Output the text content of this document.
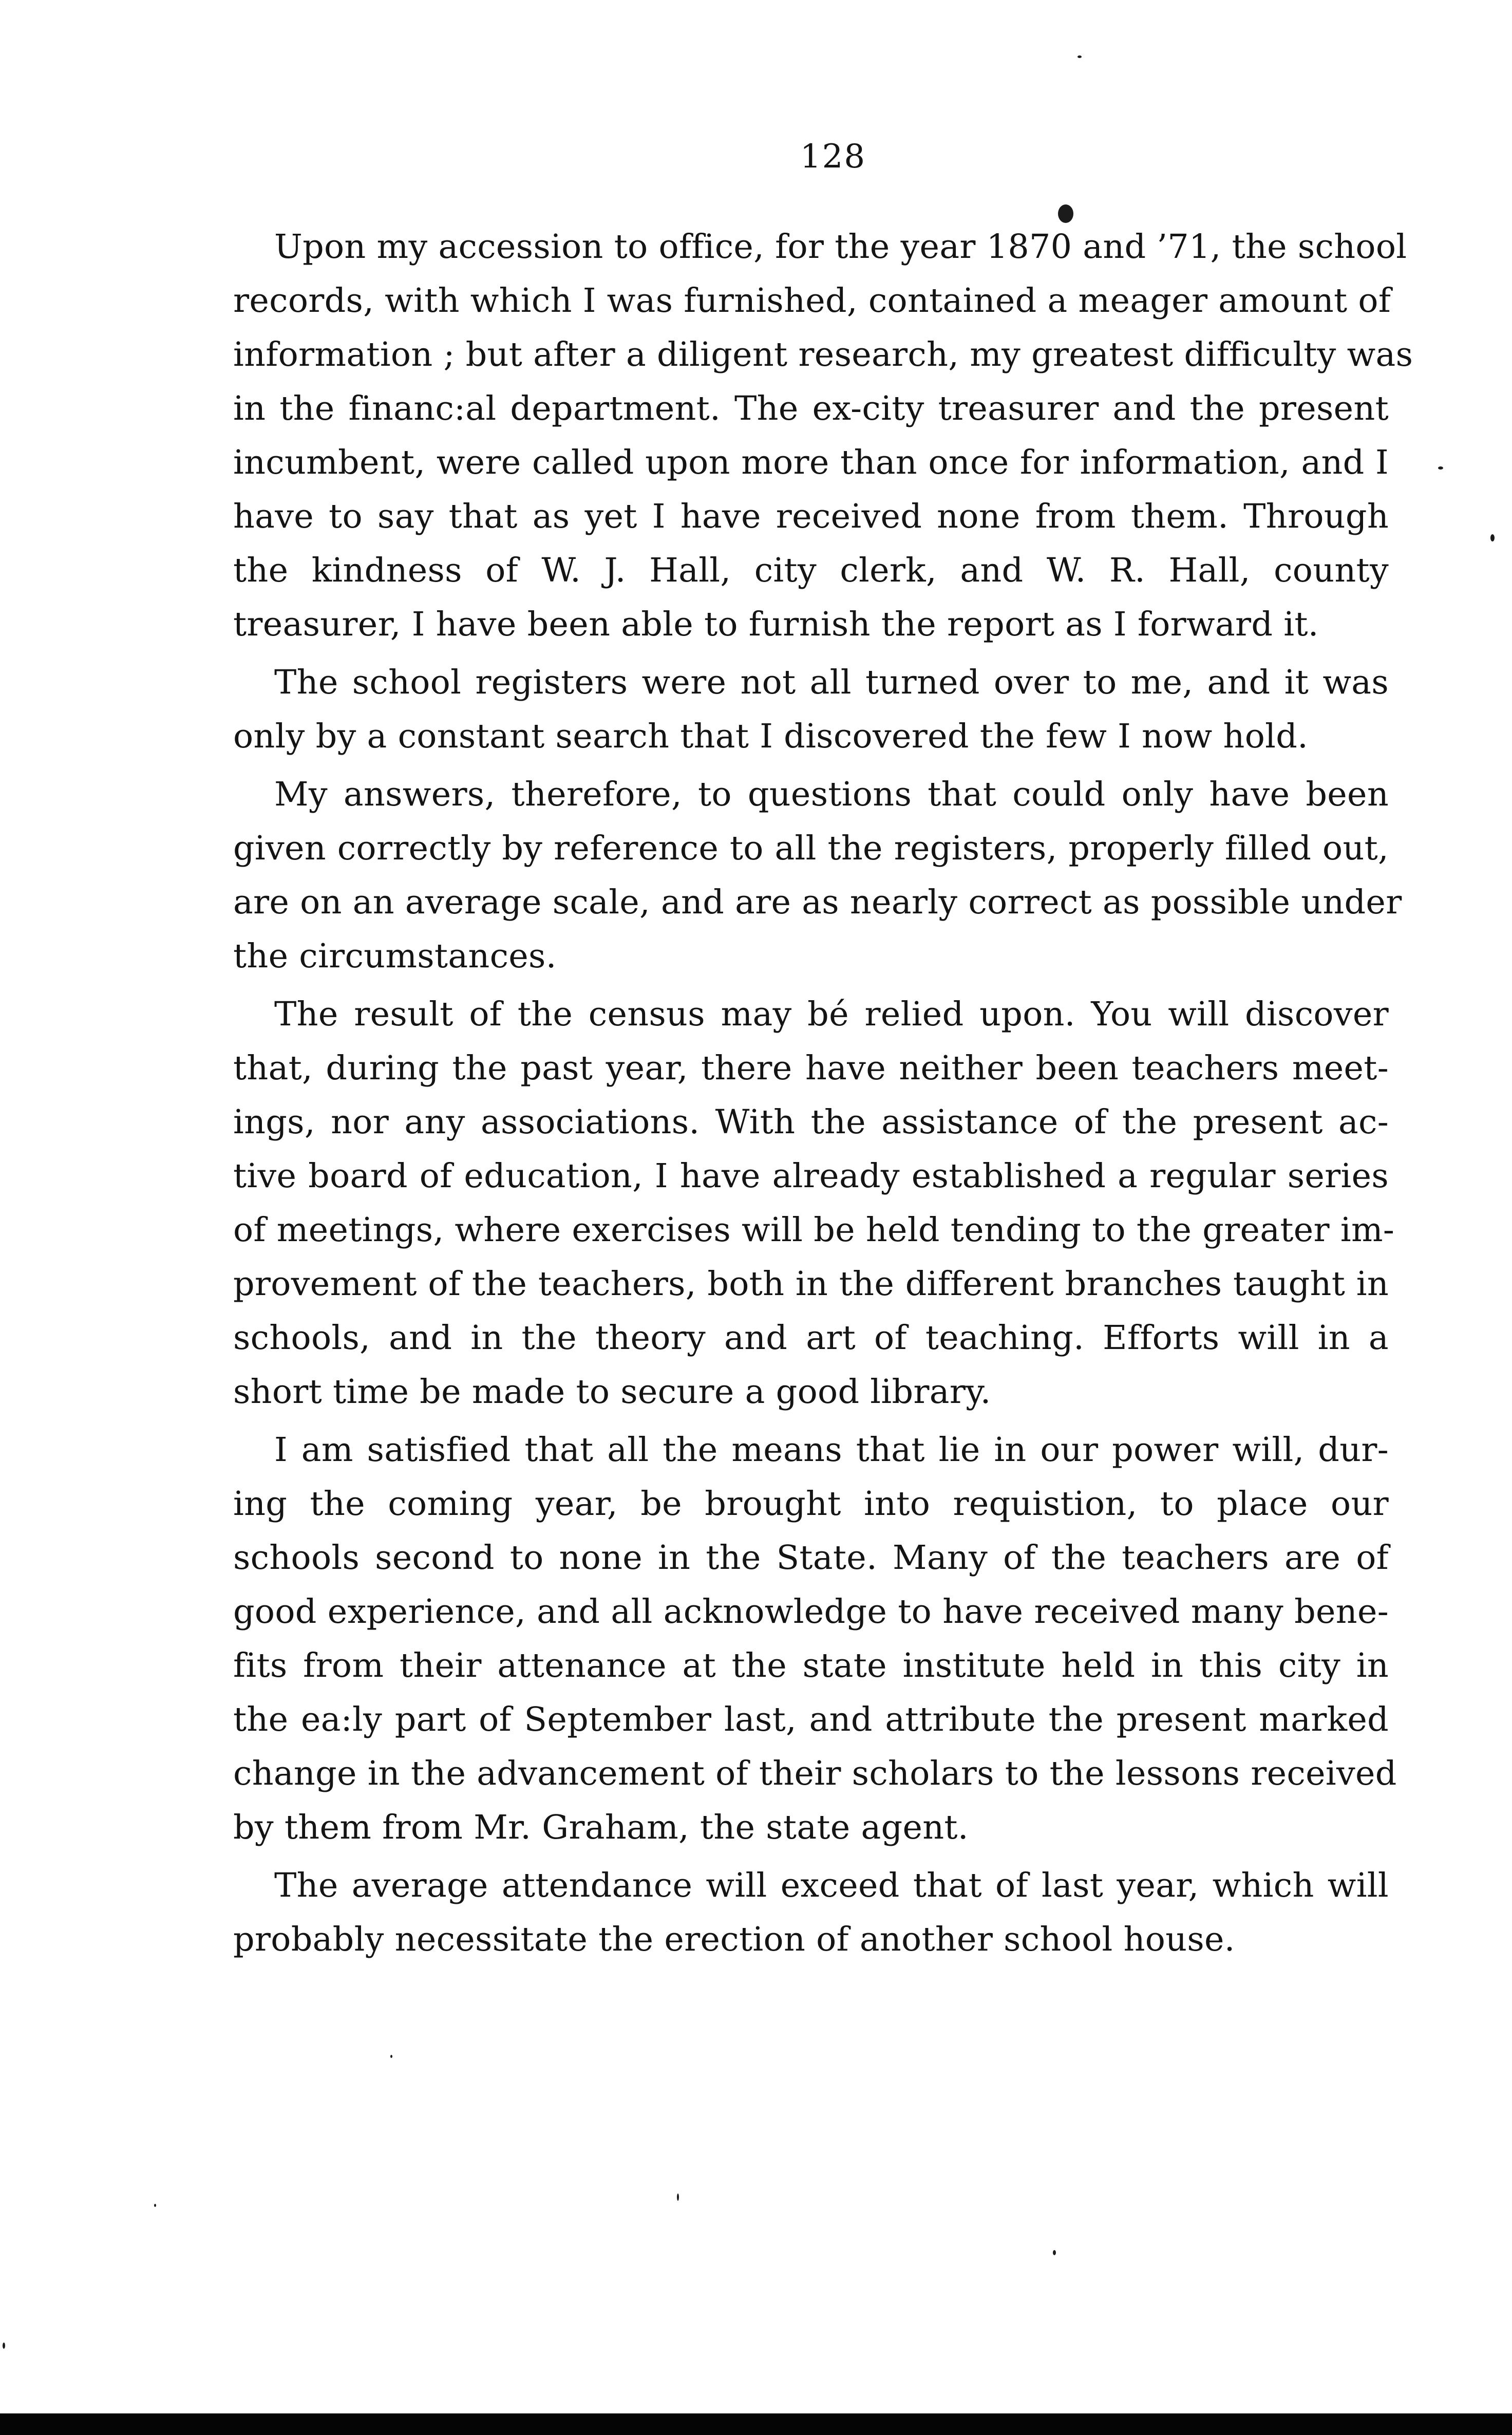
128
Upon my accession to office, for the year 1870 and ’71, the school
records, with which I was furnished, contained a meager amount of
information ; but after a diligent research, my greatest difficulty was
in the financ:al department. The ex-city treasurer and the present
incumbent, were called upon more than once for information, and I
have to say that as yet I have received none from them. Through
the kindness of W. J. Hall, city clerk, and W. R. Hall, county
treasurer, I have been able to furnish the report as I forward it.
The school registers were not all turned over to me, and it was
only by a constant search that I discovered the few I now hold.
My answers, therefore, to questions that could only have been
given correctly by reference to all the registers, properly filled out,
are on an average scale, and are as nearly correct as possible under
the circumstances.
The result of the census may bé relied upon. You will discover
that, during the past year, there have neither been teachers meet-
ings, nor any associations. With the assistance of the present ac-
tive board of education, I have already established a regular series
of meetings, where exercises will be held tending to the greater im-
provement of the teachers, both in the different branches taught in
schools, and in the theory and art of teaching. Efforts will in a
short time be made to secure a good library.
I am satisfied that all the means that lie in our power will, dur-
ing the coming year, be brought into requistion, to place our
schools second to none in the State. Many of the teachers are of
good experience, and all acknowledge to have received many bene-
fits from their attenance at the state institute held in this city in
the ea:ly part of September last, and attribute the present marked
change in the advancement of their scholars to the lessons received
by them from Mr. Graham, the state agent.
The average attendance will exceed that of last year, which will
probably necessitate the erection of another school house.
